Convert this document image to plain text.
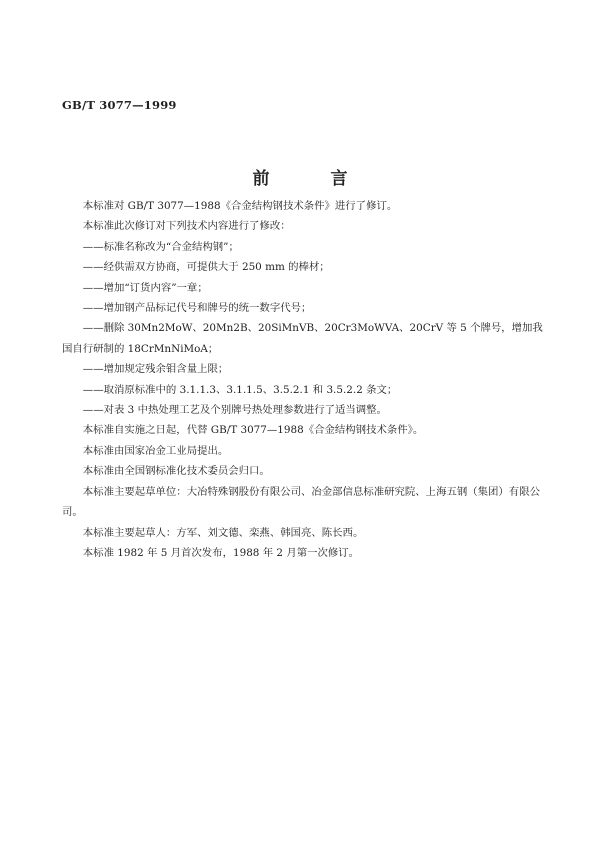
GB/T 3077—1999
前　言

本标准对 GB/T 3077—1988《合金结构钢技术条件》进行了修订。

本标准此次修订对下列技术内容进行了修改：

——标准名称改为“合金结构钢”；

——经供需双方协商，可提供大于 250 mm 的棒材；

——增加“订货内容”一章；

——增加钢产品标记代号和牌号的统一数字代号；

——删除 30Mn2MoW、20Mn2B、20SiMnVB、20Cr3MoWVA、20CrV 等 5 个牌号，增加我国自行研制的 18CrMnNiMoA；

——增加规定残余钼含量上限；

——取消原标准中的 3.1.1.3、3.1.1.5、3.5.2.1 和 3.5.2.2 条文；

——对表 3 中热处理工艺及个别牌号热处理参数进行了适当调整。

本标准自实施之日起，代替 GB/T 3077—1988《合金结构钢技术条件》。

本标准由国家冶金工业局提出。

本标准由全国钢标准化技术委员会归口。

本标准主要起草单位：大冶特殊钢股份有限公司、冶金部信息标准研究院、上海五钢（集团）有限公司。

本标准主要起草人：方军、刘文德、栾燕、韩国亮、陈长西。

本标准 1982 年 5 月首次发布，1988 年 2 月第一次修订。
